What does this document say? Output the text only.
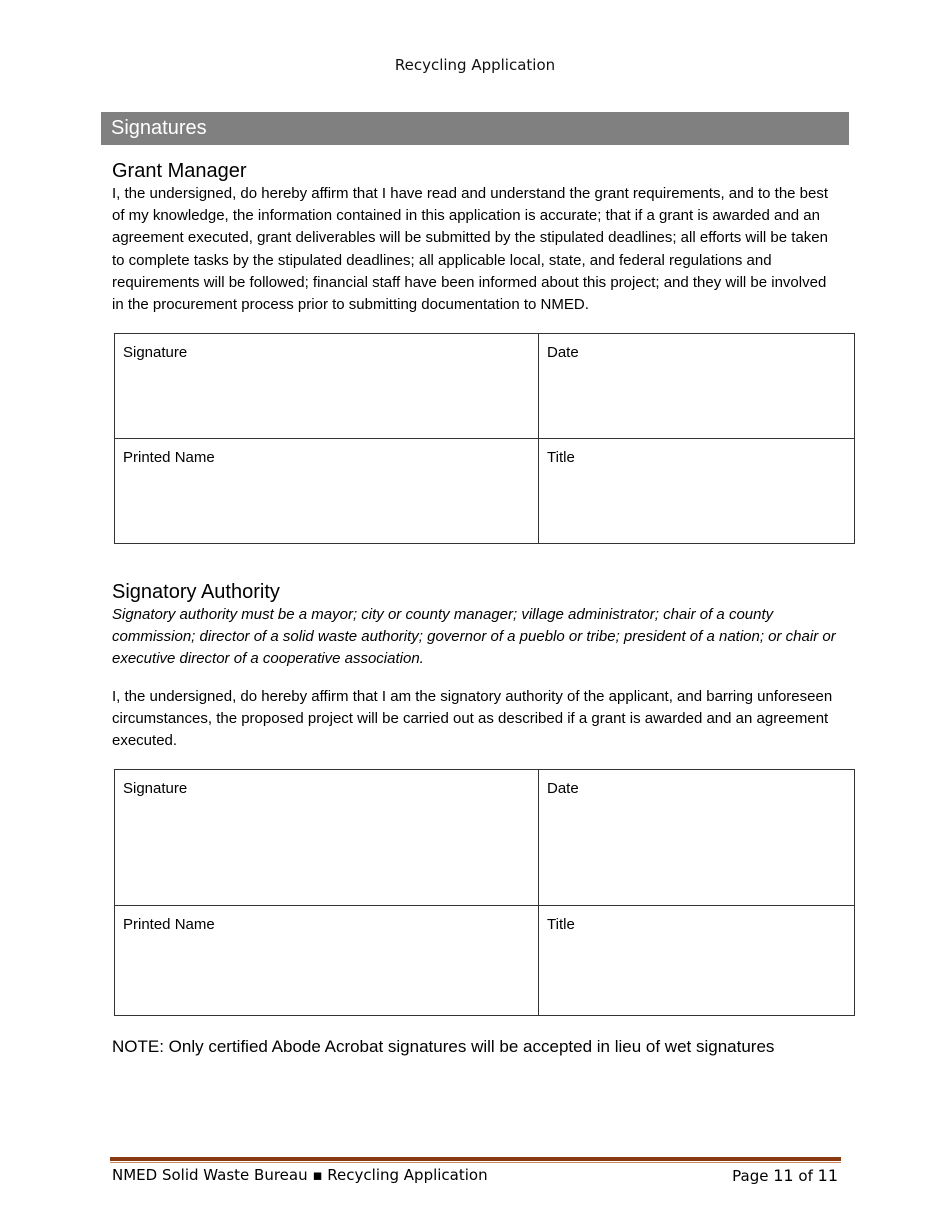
Recycling Application
Signatures
Grant Manager

I, the undersigned, do hereby affirm that I have read and understand the grant requirements, and to the best of my knowledge, the information contained in this application is accurate; that if a grant is awarded and an agreement executed, grant deliverables will be submitted by the stipulated deadlines; all efforts will be taken to complete tasks by the stipulated deadlines; all applicable local, state, and federal regulations and requirements will be followed; financial staff have been informed about this project; and they will be involved in the procurement process prior to submitting documentation to NMED.

Signature	Date
Printed Name	Title
Signatory Authority

Signatory authority must be a mayor; city or county manager; village administrator; chair of a county commission; director of a solid waste authority; governor of a pueblo or tribe; president of a nation; or chair or executive director of a cooperative association.

I, the undersigned, do hereby affirm that I am the signatory authority of the applicant, and barring unforeseen circumstances, the proposed project will be carried out as described if a grant is awarded and an agreement executed.

Signature	Date
Printed Name	Title
NOTE: Only certified Abode Acrobat signatures will be accepted in lieu of wet signatures
NMED Solid Waste Bureau ▪ Recycling Application	Page 11 of 11
